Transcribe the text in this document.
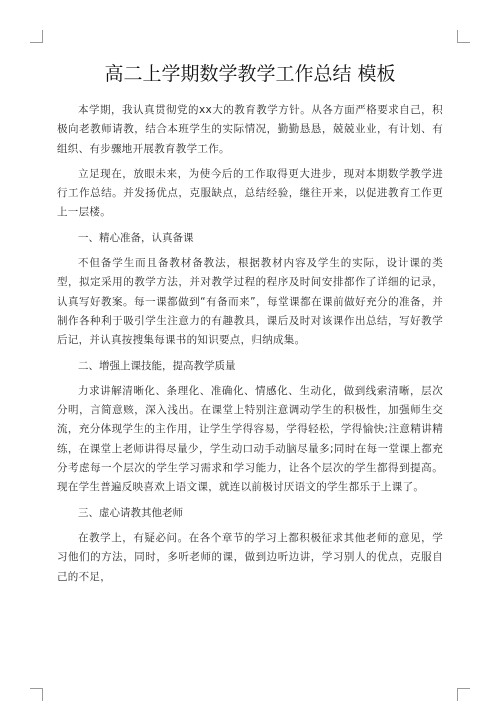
高二上学期数学教学工作总结 模板

本学期，我认真贯彻党的xx大的教育教学方针。从各方面严格要求自己，积极向老教师请教，结合本班学生的实际情况，勤勤恳恳，兢兢业业，有计划、有组织、有步骤地开展教育教学工作。

立足现在，放眼未来，为使今后的工作取得更大进步，现对本期数学教学进行工作总结。并发扬优点，克服缺点，总结经验，继往开来，以促进教育工作更上一层楼。

一、精心准备，认真备课

不但备学生而且备教材备教法，根据教材内容及学生的实际，设计课的类型，拟定采用的教学方法，并对教学过程的程序及时间安排都作了详细的记录，认真写好教案。每一课都做到“有备而来”，每堂课都在课前做好充分的准备，并制作各种利于吸引学生注意力的有趣教具，课后及时对该课作出总结，写好教学后记，并认真按搜集每课书的知识要点，归纳成集。

二、增强上课技能，提高教学质量

力求讲解清晰化、条理化、准确化、情感化、生动化，做到线索清晰，层次分明，言简意赅，深入浅出。在课堂上特别注意调动学生的积极性，加强师生交流，充分体现学生的主作用，让学生学得容易，学得轻松，学得愉快;注意精讲精练，在课堂上老师讲得尽量少，学生动口动手动脑尽量多;同时在每一堂课上都充分考虑每一个层次的学生学习需求和学习能力，让各个层次的学生都得到提高。现在学生普遍反映喜欢上语文课，就连以前极讨厌语文的学生都乐于上课了。

三、虚心请教其他老师

在教学上，有疑必问。在各个章节的学习上都积极征求其他老师的意见，学习他们的方法，同时，多听老师的课，做到边听边讲，学习别人的优点，克服自己的不足，
